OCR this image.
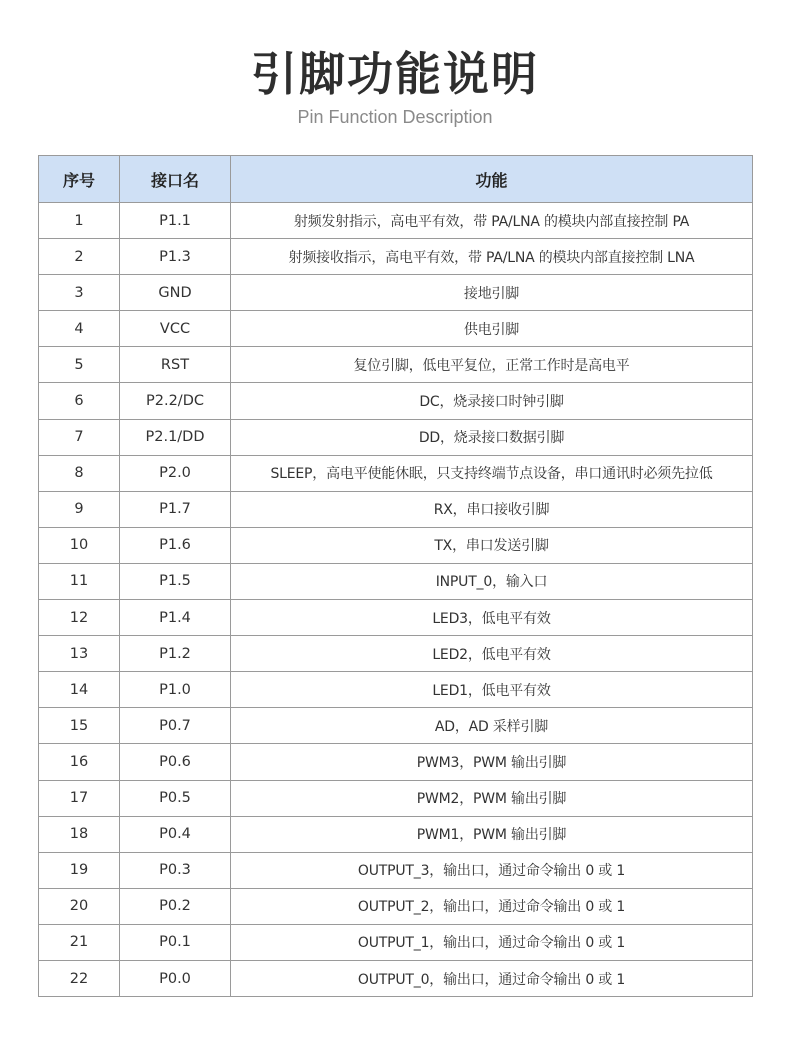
引脚功能说明
Pin Function Description
序号	接口名	功能
1	P1.1	射频发射指示，高电平有效，带 PA/LNA 的模块内部直接控制 PA
2	P1.3	射频接收指示，高电平有效，带 PA/LNA 的模块内部直接控制 LNA
3	GND	接地引脚
4	VCC	供电引脚
5	RST	复位引脚，低电平复位，正常工作时是高电平
6	P2.2/DC	DC，烧录接口时钟引脚
7	P2.1/DD	DD，烧录接口数据引脚
8	P2.0	SLEEP，高电平使能休眠，只支持终端节点设备，串口通讯时必须先拉低
9	P1.7	RX，串口接收引脚
10	P1.6	TX，串口发送引脚
11	P1.5	INPUT_0，输入口
12	P1.4	LED3，低电平有效
13	P1.2	LED2，低电平有效
14	P1.0	LED1，低电平有效
15	P0.7	AD，AD 采样引脚
16	P0.6	PWM3，PWM 输出引脚
17	P0.5	PWM2，PWM 输出引脚
18	P0.4	PWM1，PWM 输出引脚
19	P0.3	OUTPUT_3，输出口，通过命令输出 0 或 1
20	P0.2	OUTPUT_2，输出口，通过命令输出 0 或 1
21	P0.1	OUTPUT_1，输出口，通过命令输出 0 或 1
22	P0.0	OUTPUT_0，输出口，通过命令输出 0 或 1
